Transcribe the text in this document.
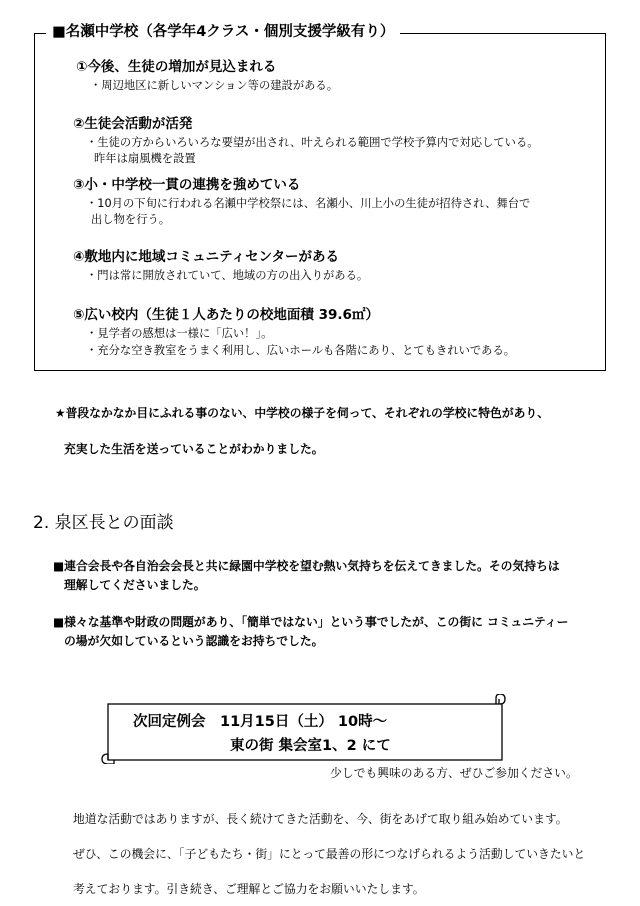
■名瀬中学校（各学年4クラス・個別支援学級有り）
①今後、生徒の増加が見込まれる
・周辺地区に新しいマンション等の建設がある。
②生徒会活動が活発
・生徒の方からいろいろな要望が出され、叶えられる範囲で学校予算内で対応している。
昨年は扇風機を設置
③小・中学校一貫の連携を強めている
・10月の下旬に行われる名瀬中学校祭には、名瀬小、川上小の生徒が招待され、舞台で
出し物を行う。
④敷地内に地域コミュニティセンターがある
・門は常に開放されていて、地域の方の出入りがある。
⑤広い校内（生徒１人あたりの校地面積 39.6㎡）
・見学者の感想は一様に「広い！」。
・充分な空き教室をうまく利用し、広いホールも各階にあり、とてもきれいである。
★普段なかなか目にふれる事のない、中学校の様子を伺って、それぞれの学校に特色があり、
充実した生活を送っていることがわかりました。
2. 泉区長との面談
■連合会長や各自治会会長と共に緑園中学校を望む熱い気持ちを伝えてきました。その気持ちは
理解してくださいました。
■様々な基準や財政の問題があり、「簡単ではない」という事でしたが、この街に コミュニティー
の場が欠如しているという認識をお持ちでした。
次回定例会　11月15日（土） 10時～
東の街 集会室1、2 にて
少しでも興味のある方、ぜひご参加ください。
地道な活動ではありますが、長く続けてきた活動を、今、街をあげて取り組み始めています。
ぜひ、この機会に、「子どもたち・街」にとって最善の形につなげられるよう活動していきたいと
考えております。引き続き、ご理解とご協力をお願いいたします。
